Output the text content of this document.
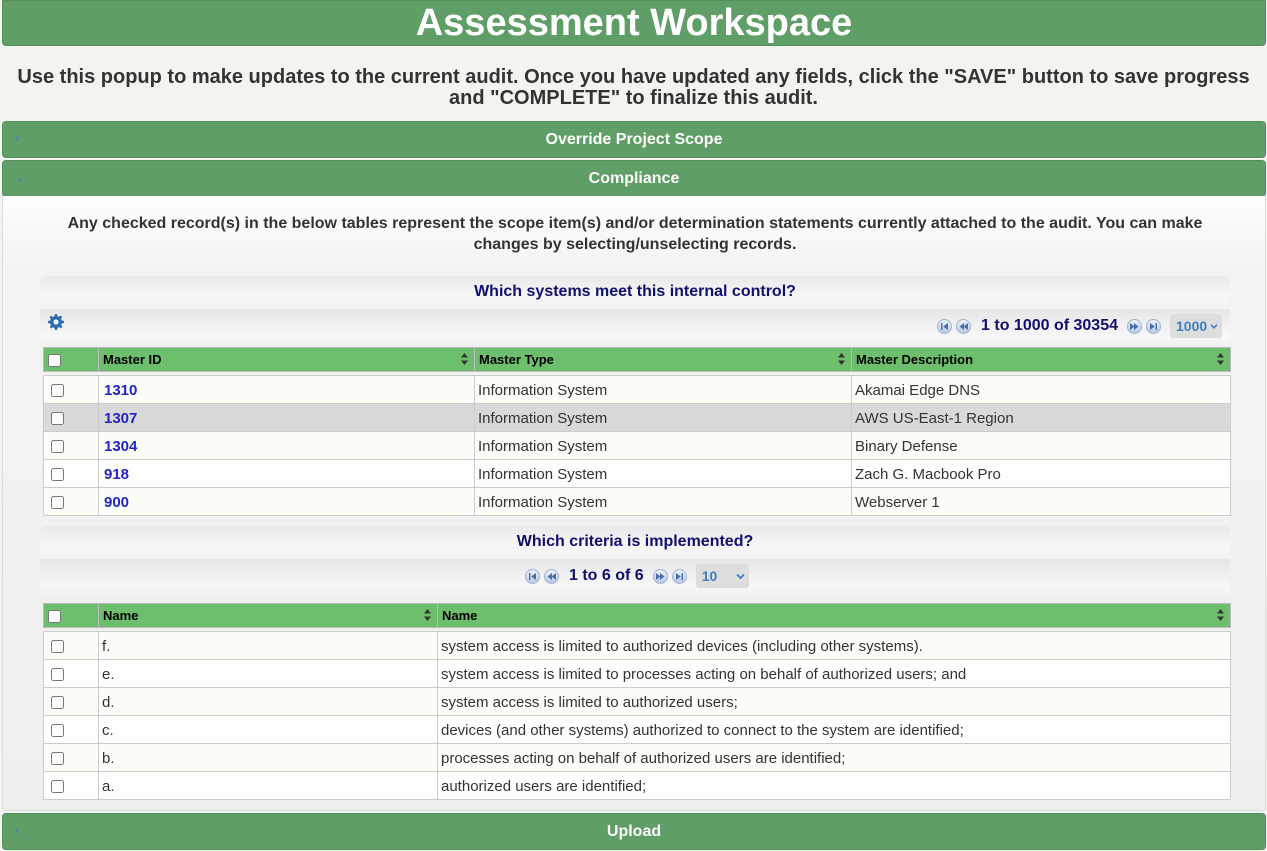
Assessment Workspace
Use this popup to make updates to the current audit. Once you have updated any fields, click the "SAVE" button to save progress and "COMPLETE" to finalize this audit.
›	Override Project Scope
⌄	Compliance
Any checked record(s) in the below tables represent the scope item(s) and/or determination statements currently attached to the audit. You can make changes by selecting/unselecting records.
Which systems meet this internal control?
1 to 1000 of 30354	1000
	Master ID	Master Type	Master Description

	1310	Information System	Akamai Edge DNS
	1307	Information System	AWS US-East-1 Region
	1304	Information System	Binary Defense
	918	Information System	Zach G. Macbook Pro
	900	Information System	Webserver 1
Which criteria is implemented?
1 to 6 of 6	10
	Name	Name

	f.	system access is limited to authorized devices (including other systems).
	e.	system access is limited to processes acting on behalf of authorized users; and
	d.	system access is limited to authorized users;
	c.	devices (and other systems) authorized to connect to the system are identified;
	b.	processes acting on behalf of authorized users are identified;
	a.	authorized users are identified;
›	Upload
